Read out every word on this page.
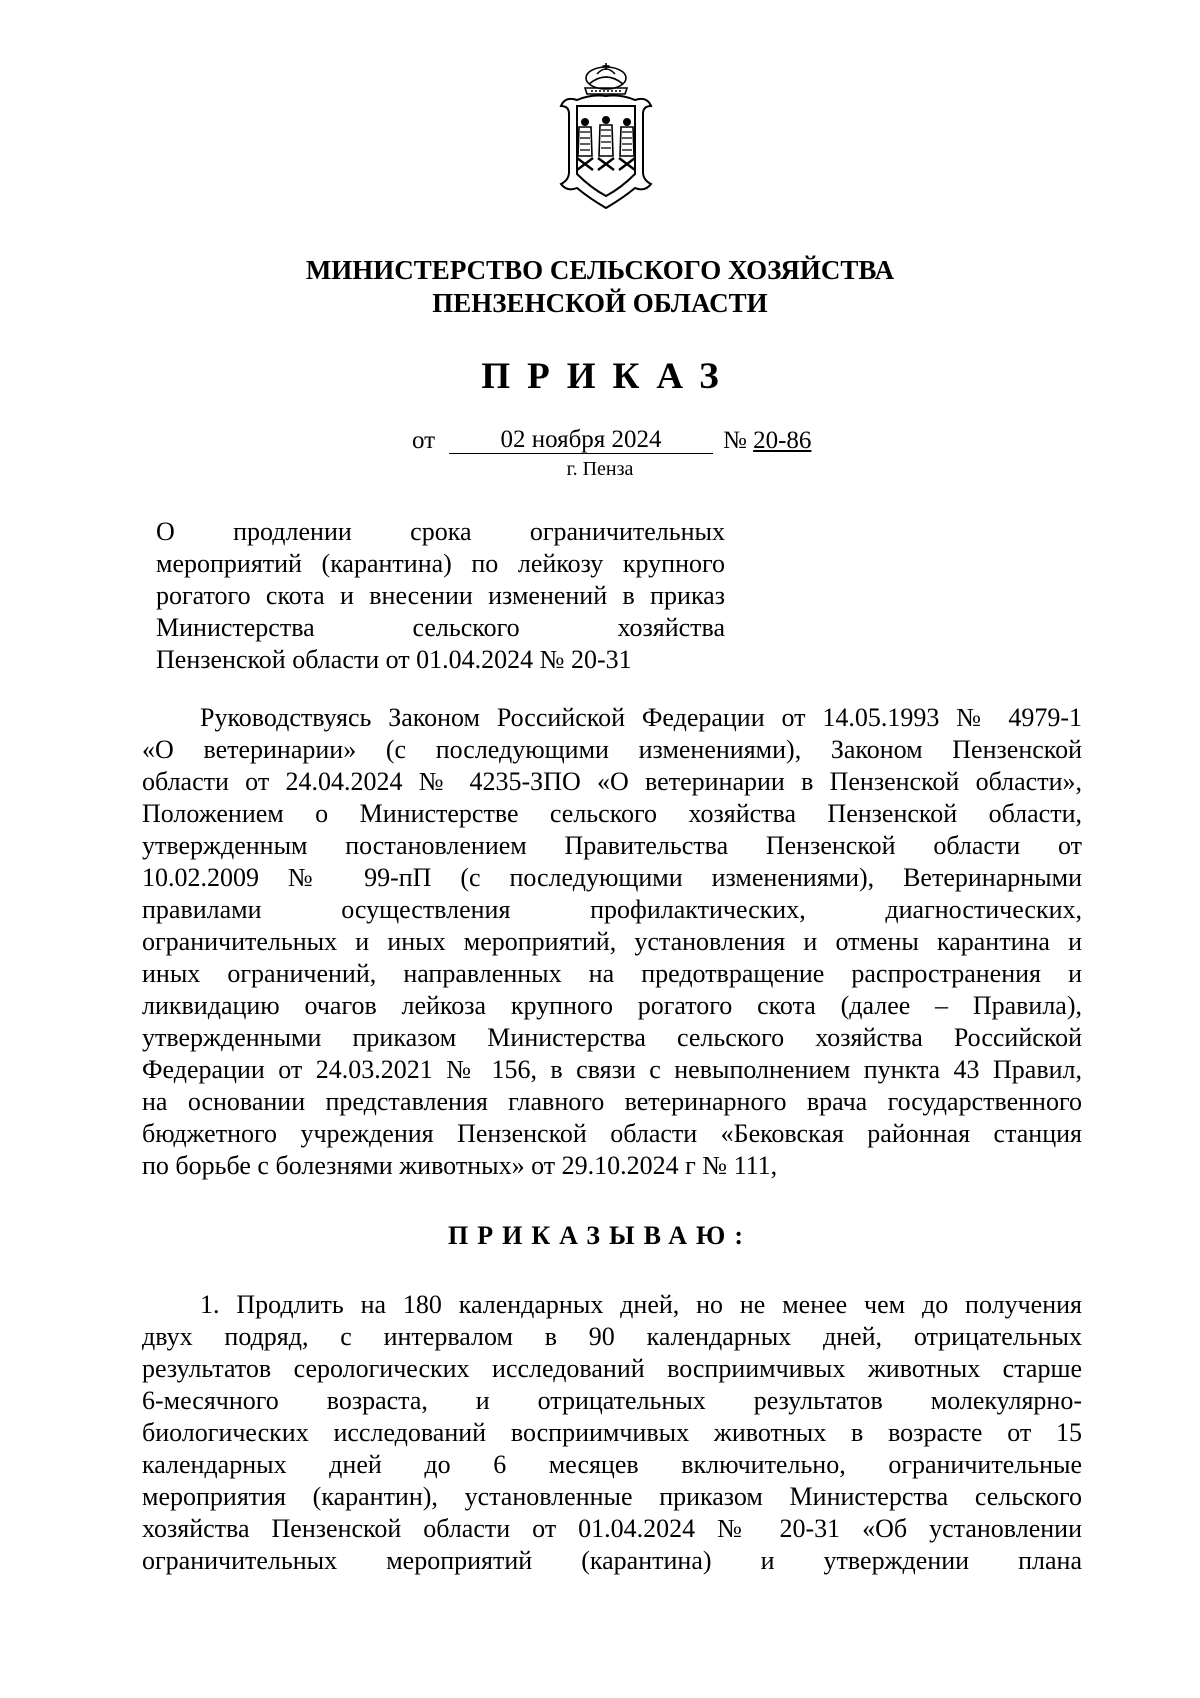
МИНИСТЕРСТВО СЕЛЬСКОГО ХОЗЯЙСТВА
ПЕНЗЕНСКОЙ ОБЛАСТИ
ПРИКАЗ
от	02 ноября 2024	№ 20-86
г. Пенза
О продлении срока ограничительных
мероприятий (карантина) по лейкозу крупного
рогатого скота и внесении изменений в приказ
Министерства сельского хозяйства
Пензенской области от 01.04.2024 № 20-31
Руководствуясь Законом Российской Федерации от 14.05.1993 № 4979-1
«О ветеринарии» (с последующими изменениями), Законом Пензенской
области от 24.04.2024 № 4235-ЗПО «О ветеринарии в Пензенской области»,
Положением о Министерстве сельского хозяйства Пензенской области,
утвержденным постановлением Правительства Пензенской области от
10.02.2009 № 99-пП (с последующими изменениями), Ветеринарными
правилами осуществления профилактических, диагностических,
ограничительных и иных мероприятий, установления и отмены карантина и
иных ограничений, направленных на предотвращение распространения и
ликвидацию очагов лейкоза крупного рогатого скота (далее – Правила),
утвержденными приказом Министерства сельского хозяйства Российской
Федерации от 24.03.2021 № 156, в связи с невыполнением пункта 43 Правил,
на основании представления главного ветеринарного врача государственного
бюджетного учреждения Пензенской области «Бековская районная станция
по борьбе с болезнями животных» от 29.10.2024 г № 111,
ПРИКАЗЫВАЮ:
1. Продлить на 180 календарных дней, но не менее чем до получения
двух подряд, с интервалом в 90 календарных дней, отрицательных
результатов серологических исследований восприимчивых животных старше
6-месячного возраста, и отрицательных результатов молекулярно-
биологических исследований восприимчивых животных в возрасте от 15
календарных дней до 6 месяцев включительно, ограничительные
мероприятия (карантин), установленные приказом Министерства сельского
хозяйства Пензенской области от 01.04.2024 № 20-31 «Об установлении
ограничительных мероприятий (карантина) и утверждении плана
